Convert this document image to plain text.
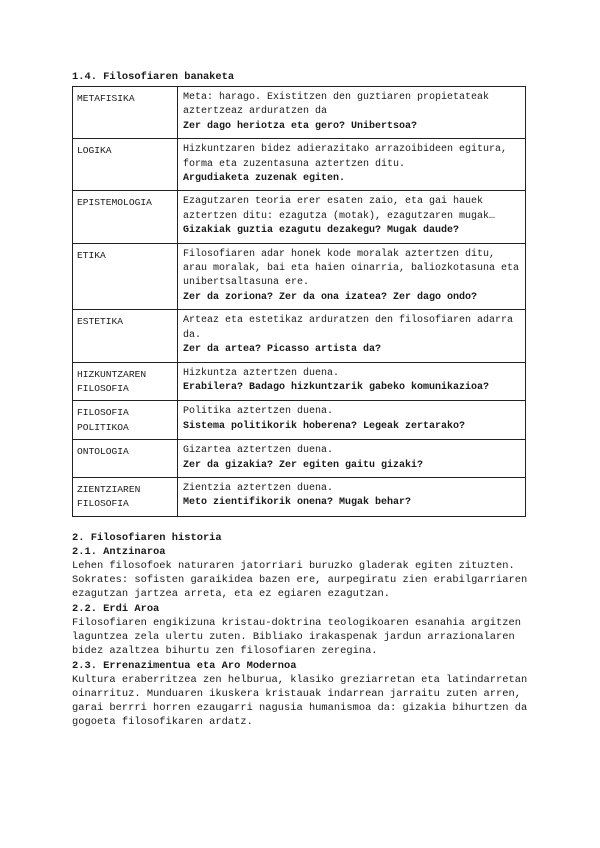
1.4. Filosofiaren banaketa
METAFISIKA	Meta: harago. Existitzen den guztiaren propietateak aztertzeaz arduratzen da
Zer dago heriotza eta gero? Unibertsoa?
LOGIKA	Hizkuntzaren bidez adierazitako arrazoibideen egitura, forma eta zuzentasuna aztertzen ditu.
Argudiaketa zuzenak egiten.
EPISTEMOLOGIA	Ezagutzaren teoria erer esaten zaio, eta gai hauek aztertzen ditu: ezagutza (motak), ezagutzaren mugak…
Gizakiak guztia ezagutu dezakegu? Mugak daude?
ETIKA	Filosofiaren adar honek kode moralak aztertzen ditu, arau moralak, bai eta haien oinarria, baliozkotasuna eta unibertsaltasuna ere.
Zer da zoriona? Zer da ona izatea? Zer dago ondo?
ESTETIKA	Arteaz eta estetikaz arduratzen den filosofiaren adarra da.
Zer da artea? Picasso artista da?
HIZKUNTZAREN FILOSOFIA	Hizkuntza aztertzen duena.
Erabilera? Badago hizkuntzarik gabeko komunikazioa?
FILOSOFIA POLITIKOA	Politika aztertzen duena.
Sistema politikorik hoberena? Legeak zertarako?
ONTOLOGIA	Gizartea aztertzen duena.
Zer da gizakia? Zer egiten gaitu gizaki?
ZIENTZIAREN FILOSOFIA	Zientzia aztertzen duena.
Meto zientifikorik onena? Mugak behar?
2. Filosofiaren historia
2.1. Antzinaroa

Lehen filosofoek naturaren jatorriari buruzko gladerak egiten zituzten.

Sokrates: sofisten garaikidea bazen ere, aurpegiratu zien erabilgarriaren ezagutzan jartzea arreta, eta ez egiaren ezagutzan.

2.2. Erdi Aroa

Filosofiaren engikizuna kristau-doktrina teologikoaren esanahia argitzen laguntzea zela ulertu zuten. Bibliako irakaspenak jardun arrazionalaren bidez azaltzea bihurtu zen filosofiaren zeregina.

2.3. Errenazimentua eta Aro Modernoa

Kultura eraberritzea zen helburua, klasiko greziarretan eta latindarretan oinarrituz. Munduaren ikuskera kristauak indarrean jarraitu zuten arren, garai berrri horren ezaugarri nagusia humanismoa da: gizakia bihurtzen da gogoeta filosofikaren ardatz.
